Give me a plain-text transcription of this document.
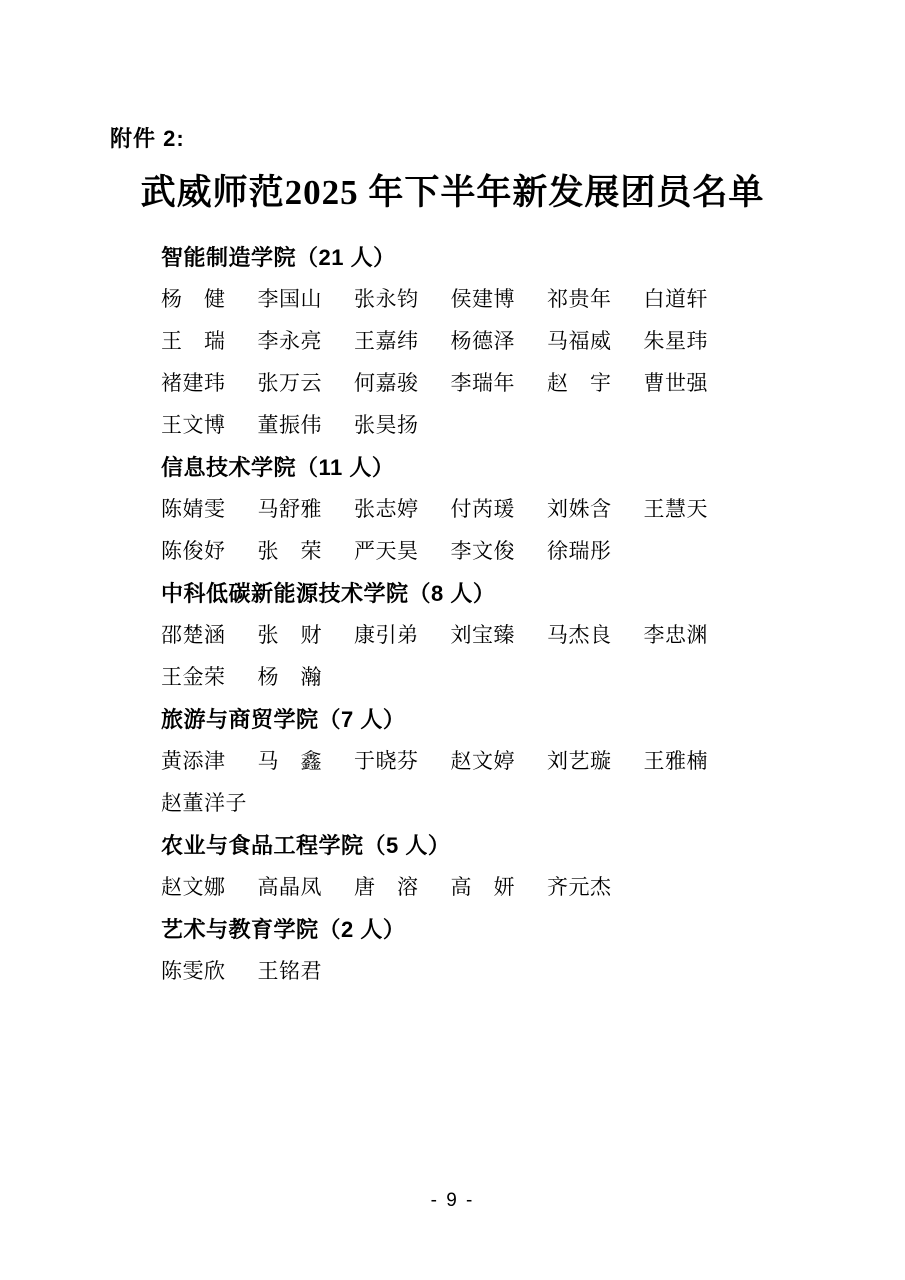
附件 2:
武威师范2025 年下半年新发展团员名单
智能制造学院（21 人）
杨　健	李国山	张永钧	侯建博	祁贵年	白道轩
王　瑞	李永亮	王嘉纬	杨德泽	马福威	朱星玮
褚建玮	张万云	何嘉骏	李瑞年	赵　宇	曹世强
王文博	董振伟	张昊扬
信息技术学院（11 人）
陈婧雯	马舒雅	张志婷	付芮瑗	刘姝含	王慧天
陈俊妤	张　荣	严天昊	李文俊	徐瑞彤
中科低碳新能源技术学院（8 人）
邵楚涵	张　财	康引弟	刘宝臻	马杰良	李忠渊
王金荣	杨　瀚
旅游与商贸学院（7 人）
黄添津	马　鑫	于晓芬	赵文婷	刘艺璇	王雅楠
赵董洋子
农业与食品工程学院（5 人）
赵文娜	高晶凤	唐　溶	高　妍	齐元杰
艺术与教育学院（2 人）
陈雯欣	王铭君
- 9 -
